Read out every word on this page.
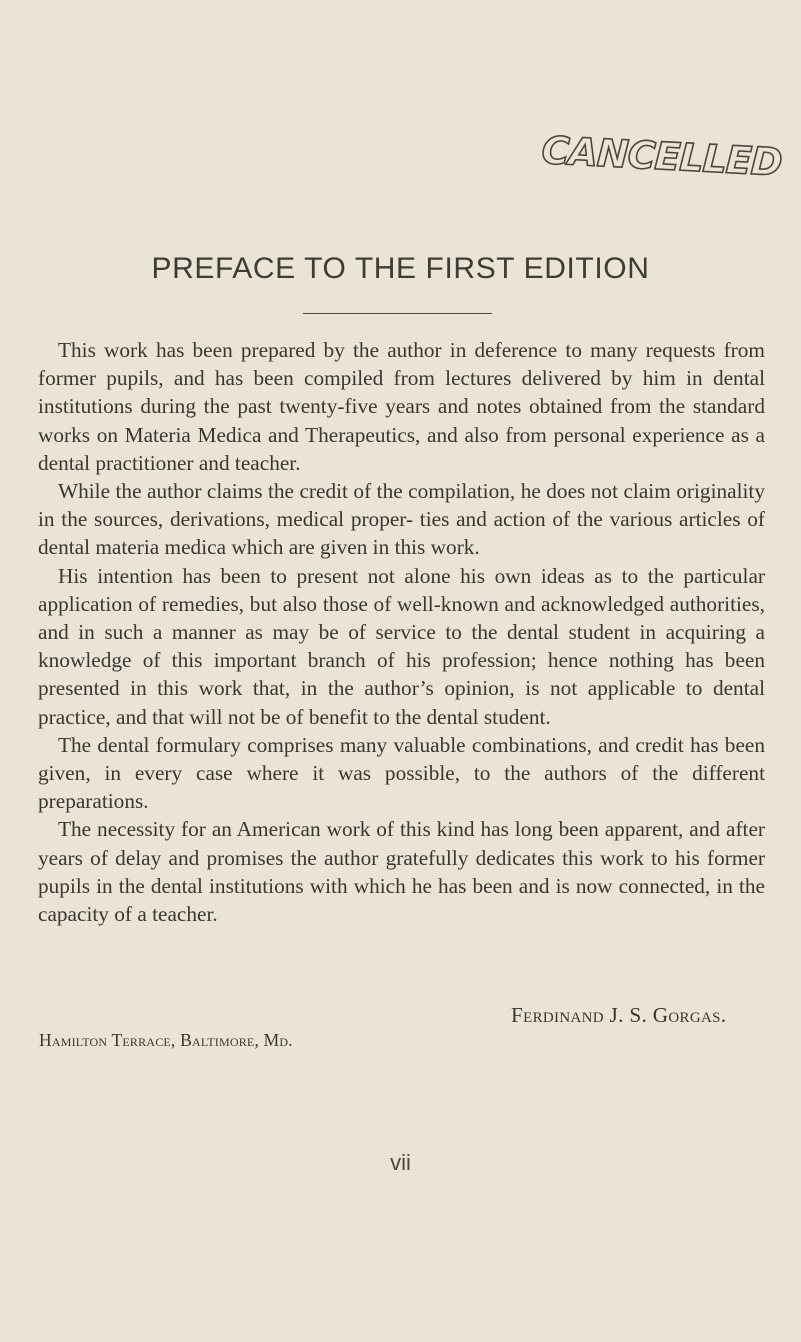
CANCELLED
PREFACE TO THE FIRST EDITION

This work has been prepared by the author in deference to many requests from former pupils, and has been compiled from lectures delivered by him in dental institutions during the past twenty-five years and notes obtained from the standard works on Materia Medica and Therapeutics, and also from personal experience as a dental practitioner and teacher.

While the author claims the credit of the compilation, he does not claim originality in the sources, derivations, medical proper- ties and action of the various articles of dental materia medica which are given in this work.

His intention has been to present not alone his own ideas as to the particular application of remedies, but also those of well-known and acknowledged authorities, and in such a manner as may be of service to the dental student in acquiring a knowledge of this important branch of his profession; hence nothing has been presented in this work that, in the author’s opinion, is not applicable to dental practice, and that will not be of benefit to the dental student.

The dental formulary comprises many valuable combinations, and credit has been given, in every case where it was possible, to the authors of the different preparations.

The necessity for an American work of this kind has long been apparent, and after years of delay and promises the author gratefully dedicates this work to his former pupils in the dental institutions with which he has been and is now connected, in the capacity of a teacher.

Ferdinand J. S. Gorgas.
Hamilton Terrace, Baltimore, Md.
vii
